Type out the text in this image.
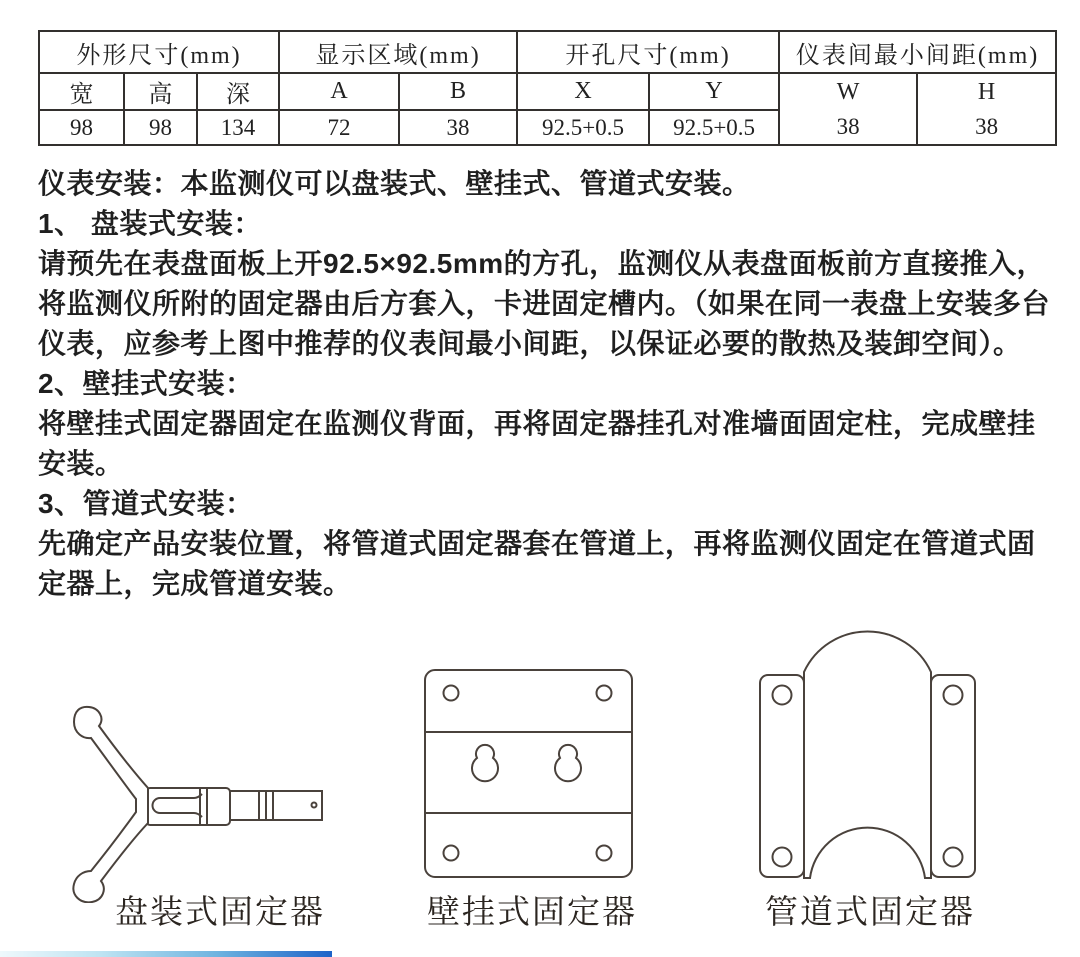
外形尺寸(mm)			显示区域(mm)		开孔尺寸(mm)		仪表间最小间距(mm)	
宽	高	深	A	B	X	Y	W	H
98	98	134	72	38	92.5+0.5	92.5+0.5	38	38

仪表安装：本监测仪可以盘装式、壁挂式、管道式安装。

1、 盘装式安装：

请预先在表盘面板上开92.5×92.5mm的方孔，监测仪从表盘面板前方直接推入，将监测仪所附的固定器由后方套入，卡进固定槽内。（如果在同一表盘上安装多台仪表，应参考上图中推荐的仪表间最小间距，以保证必要的散热及装卸空间）。

2、壁挂式安装：

将壁挂式固定器固定在监测仪背面，再将固定器挂孔对准墙面固定柱，完成壁挂安装。

3、管道式安装：

先确定产品安装位置，将管道式固定器套在管道上，再将监测仪固定在管道式固定器上，完成管道安装。

盘装式固定器	壁挂式固定器	管道式固定器
